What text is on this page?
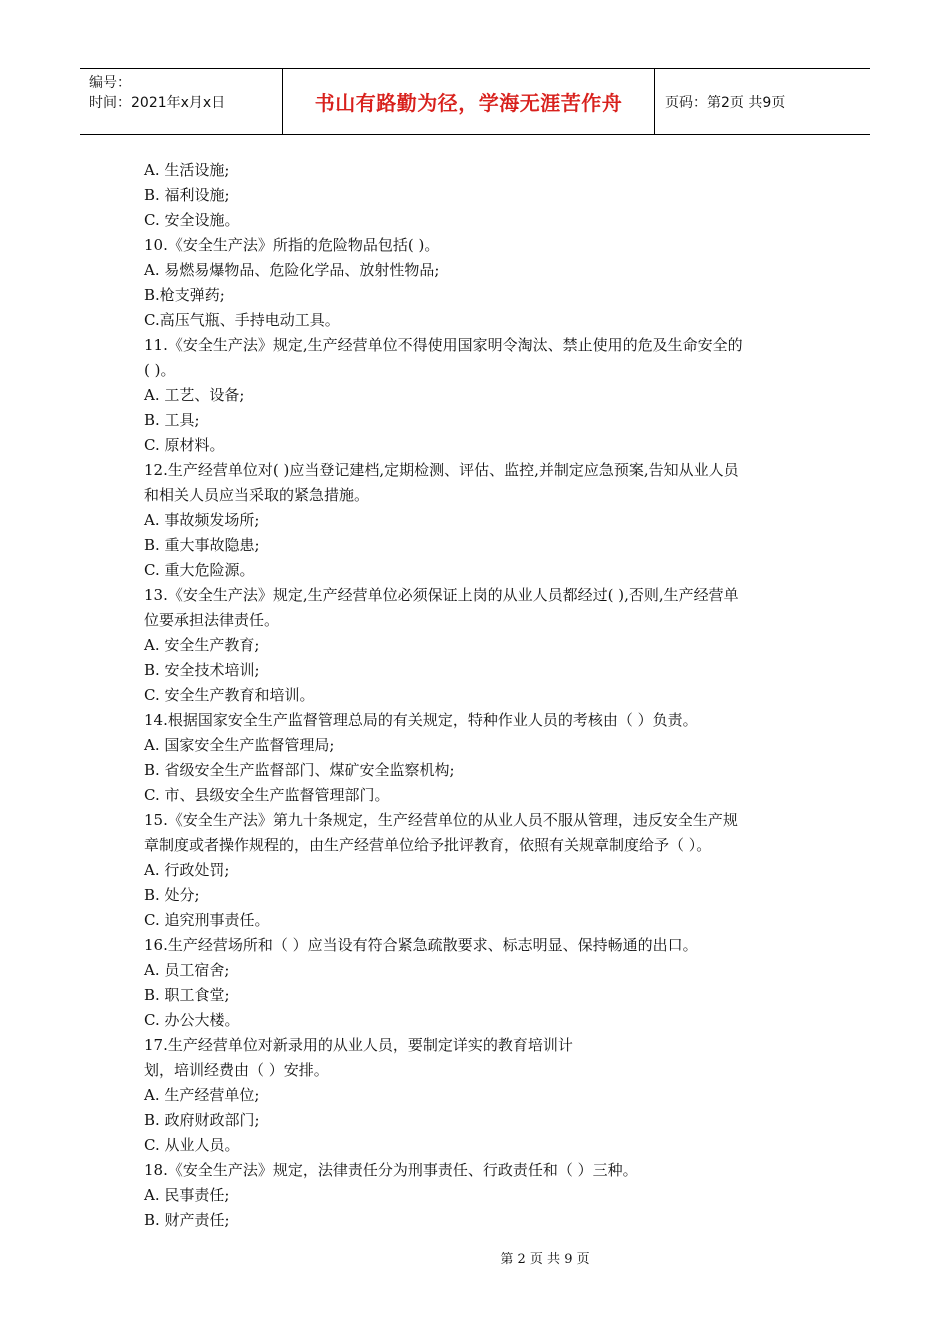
编号：
时间：2021年x月x日	书山有路勤为径，学海无涯苦作舟	页码：第2页 共9页
A. 生活设施;
B. 福利设施;
C. 安全设施。
10.《安全生产法》所指的危险物品包括( )。
A. 易燃易爆物品、危险化学品、放射性物品;
B.枪支弹药;
C.高压气瓶、手持电动工具。
11.《安全生产法》规定,生产经营单位不得使用国家明令淘汰、禁止使用的危及生命安全的
( )。
A. 工艺、设备;
B. 工具;
C. 原材料。
12.生产经营单位对( )应当登记建档,定期检测、评估、监控,并制定应急预案,告知从业人员
和相关人员应当采取的紧急措施。
A. 事故频发场所;
B. 重大事故隐患;
C. 重大危险源。
13.《安全生产法》规定,生产经营单位必须保证上岗的从业人员都经过( ),否则,生产经营单
位要承担法律责任。
A. 安全生产教育;
B. 安全技术培训;
C. 安全生产教育和培训。
14.根据国家安全生产监督管理总局的有关规定，特种作业人员的考核由（ ）负责。
A. 国家安全生产监督管理局;
B. 省级安全生产监督部门、煤矿安全监察机构;
C. 市、县级安全生产监督管理部门。
15.《安全生产法》第九十条规定，生产经营单位的从业人员不服从管理，违反安全生产规
章制度或者操作规程的，由生产经营单位给予批评教育，依照有关规章制度给予（ ）。
A. 行政处罚;
B. 处分;
C. 追究刑事责任。
16.生产经营场所和（ ）应当设有符合紧急疏散要求、标志明显、保持畅通的出口。
A. 员工宿舍;
B. 职工食堂;
C. 办公大楼。
17.生产经营单位对新录用的从业人员，要制定详实的教育培训计
划，培训经费由（ ）安排。
A. 生产经营单位;
B. 政府财政部门;
C. 从业人员。
18.《安全生产法》规定，法律责任分为刑事责任、行政责任和（ ）三种。
A. 民事责任;
B. 财产责任;
第 2 页 共 9 页
